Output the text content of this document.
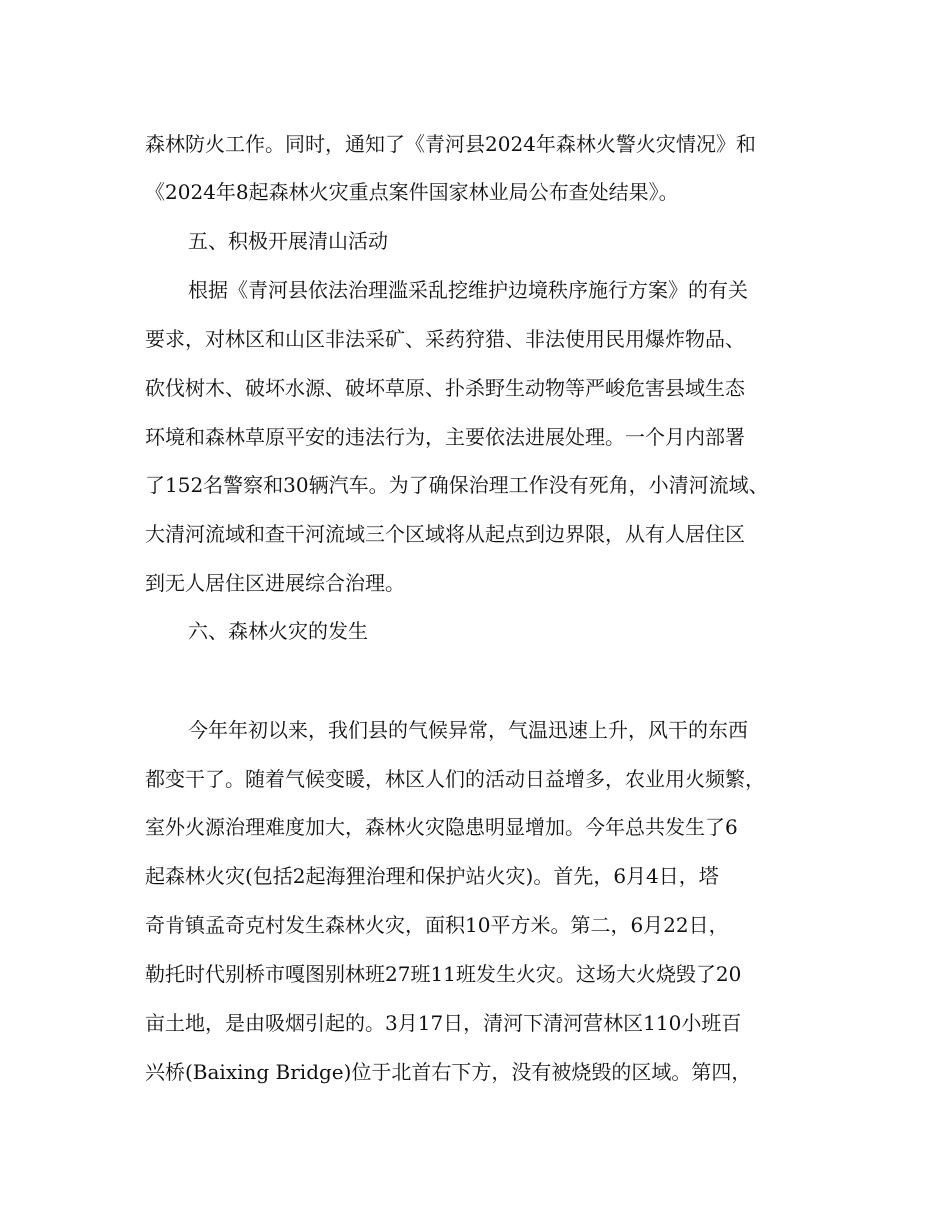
森林防火工作。同时，通知了《青河县2024年森林火警火灾情况》和
《2024年8起森林火灾重点案件国家林业局公布查处结果》。
五、积极开展清山活动
根据《青河县依法治理滥采乱挖维护边境秩序施行方案》的有关
要求，对林区和山区非法采矿、采药狩猎、非法使用民用爆炸物品、
砍伐树木、破坏水源、破坏草原、扑杀野生动物等严峻危害县域生态
环境和森林草原平安的违法行为，主要依法进展处理。一个月内部署
了152名警察和30辆汽车。为了确保治理工作没有死角，小清河流域、
大清河流域和查干河流域三个区域将从起点到边界限，从有人居住区
到无人居住区进展综合治理。
六、森林火灾的发生
今年年初以来，我们县的气候异常，气温迅速上升，风干的东西
都变干了。随着气候变暖，林区人们的活动日益增多，农业用火频繁，
室外火源治理难度加大，森林火灾隐患明显增加。今年总共发生了6
起森林火灾(包括2起海狸治理和保护站火灾)。首先，6月4日，塔
奇肯镇孟奇克村发生森林火灾，面积10平方米。第二，6月22日，
勒托时代别桥市嘎图别林班27班11班发生火灾。这场大火烧毁了20
亩土地，是由吸烟引起的。3月17日，清河下清河营林区110小班百
兴桥(Baixing Bridge)位于北首右下方，没有被烧毁的区域。第四，
